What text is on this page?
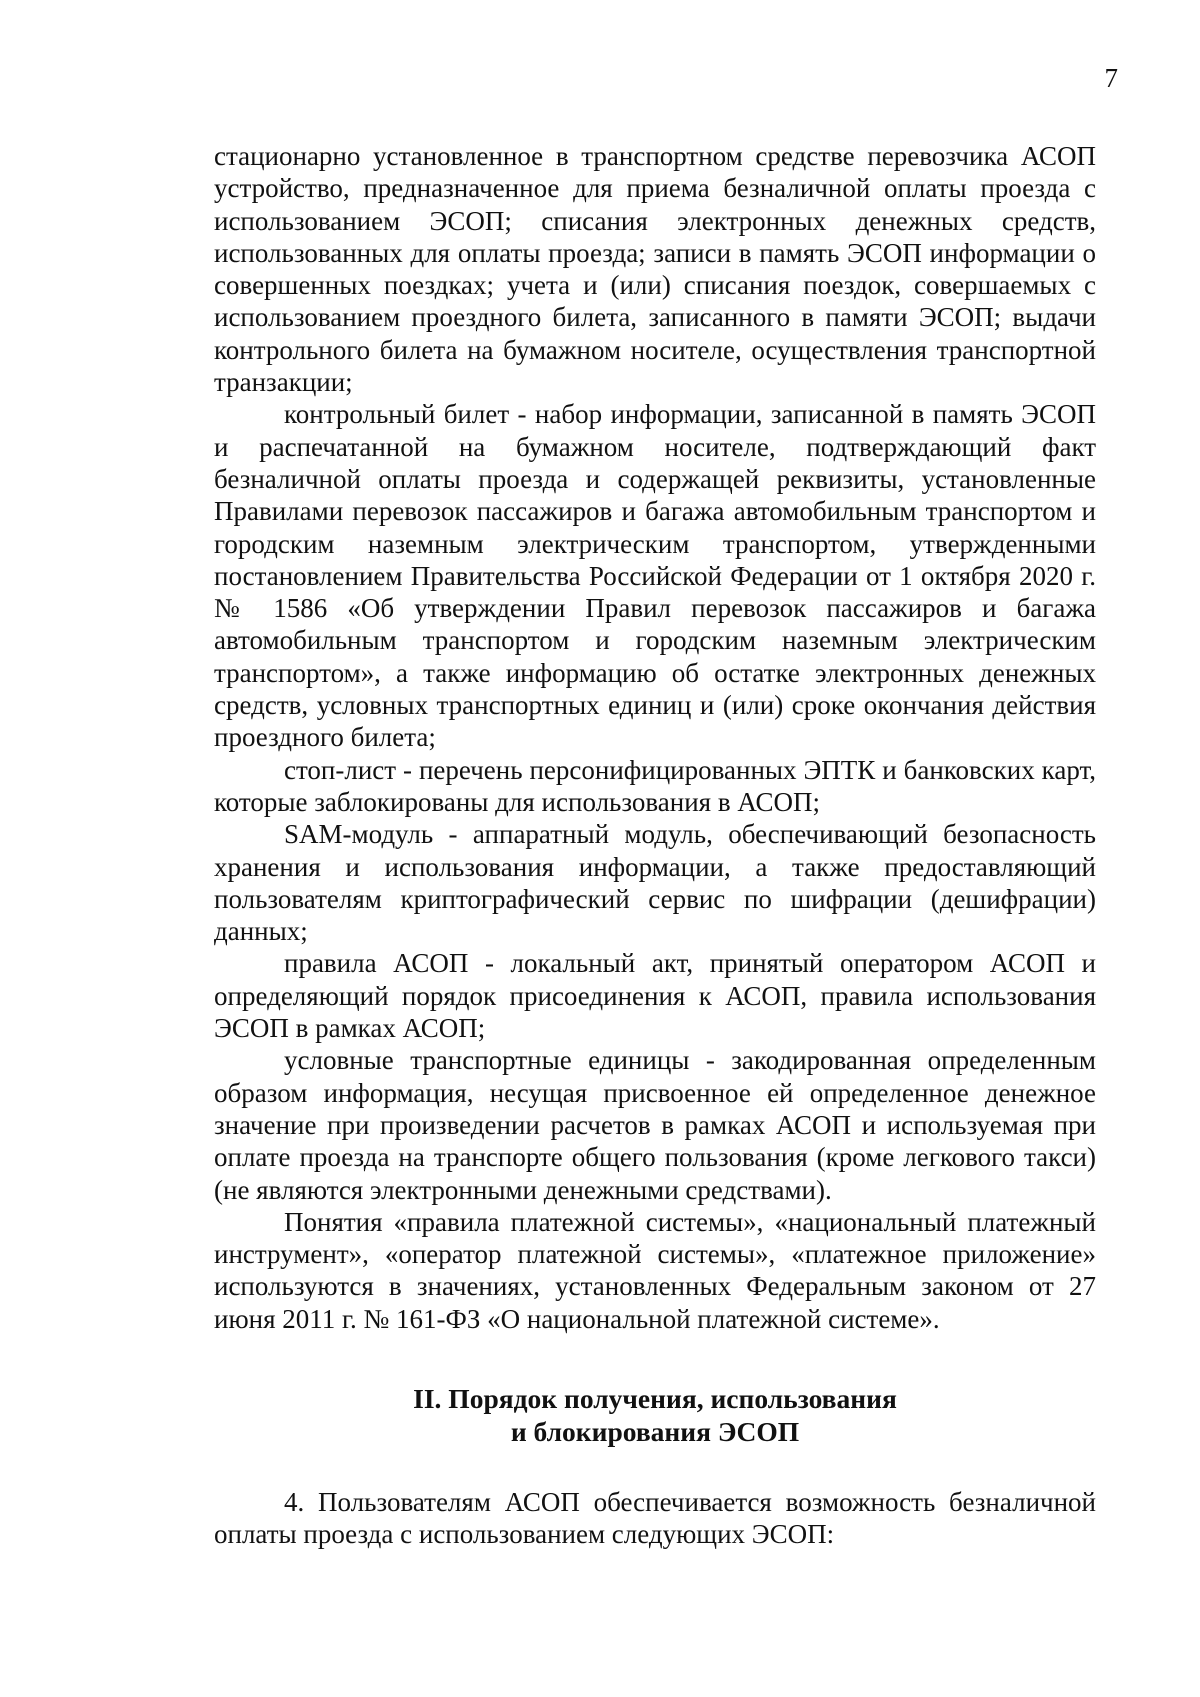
7

стационарно установленное в транспортном средстве перевозчика АСОП устройство, предназначенное для приема безналичной оплаты проезда с использованием ЭСОП; списания электронных денежных средств, использованных для оплаты проезда; записи в память ЭСОП информации о совершенных поездках; учета и (или) списания поездок, совершаемых с использованием проездного билета, записанного в памяти ЭСОП; выдачи контрольного билета на бумажном носителе, осуществления транспортной транзакции;

контрольный билет - набор информации, записанной в память ЭСОП и распечатанной на бумажном носителе, подтверждающий факт безналичной оплаты проезда и содержащей реквизиты, установленные Правилами перевозок пассажиров и багажа автомобильным транспортом и городским наземным электрическим транспортом, утвержденными постановлением Правительства Российской Федерации от 1 октября 2020 г. № 1586 «Об утверждении Правил перевозок пассажиров и багажа автомобильным транспортом и городским наземным электрическим транспортом», а также информацию об остатке электронных денежных средств, условных транспортных единиц и (или) сроке окончания действия проездного билета;

стоп-лист - перечень персонифицированных ЭПТК и банковских карт, которые заблокированы для использования в АСОП;

SAM-модуль - аппаратный модуль, обеспечивающий безопасность хранения и использования информации, а также предоставляющий пользователям криптографический сервис по шифрации (дешифрации) данных;

правила АСОП - локальный акт, принятый оператором АСОП и определяющий порядок присоединения к АСОП, правила использования ЭСОП в рамках АСОП;

условные транспортные единицы - закодированная определенным образом информация, несущая присвоенное ей определенное денежное значение при произведении расчетов в рамках АСОП и используемая при оплате проезда на транспорте общего пользования (кроме легкового такси) (не являются электронными денежными средствами).

Понятия «правила платежной системы», «национальный платежный инструмент», «оператор платежной системы», «платежное приложение» используются в значениях, установленных Федеральным законом от 27 июня 2011 г. № 161-ФЗ «О национальной платежной системе».

II. Порядок получения, использования
и блокирования ЭСОП

4. Пользователям АСОП обеспечивается возможность безналичной оплаты проезда с использованием следующих ЭСОП:
